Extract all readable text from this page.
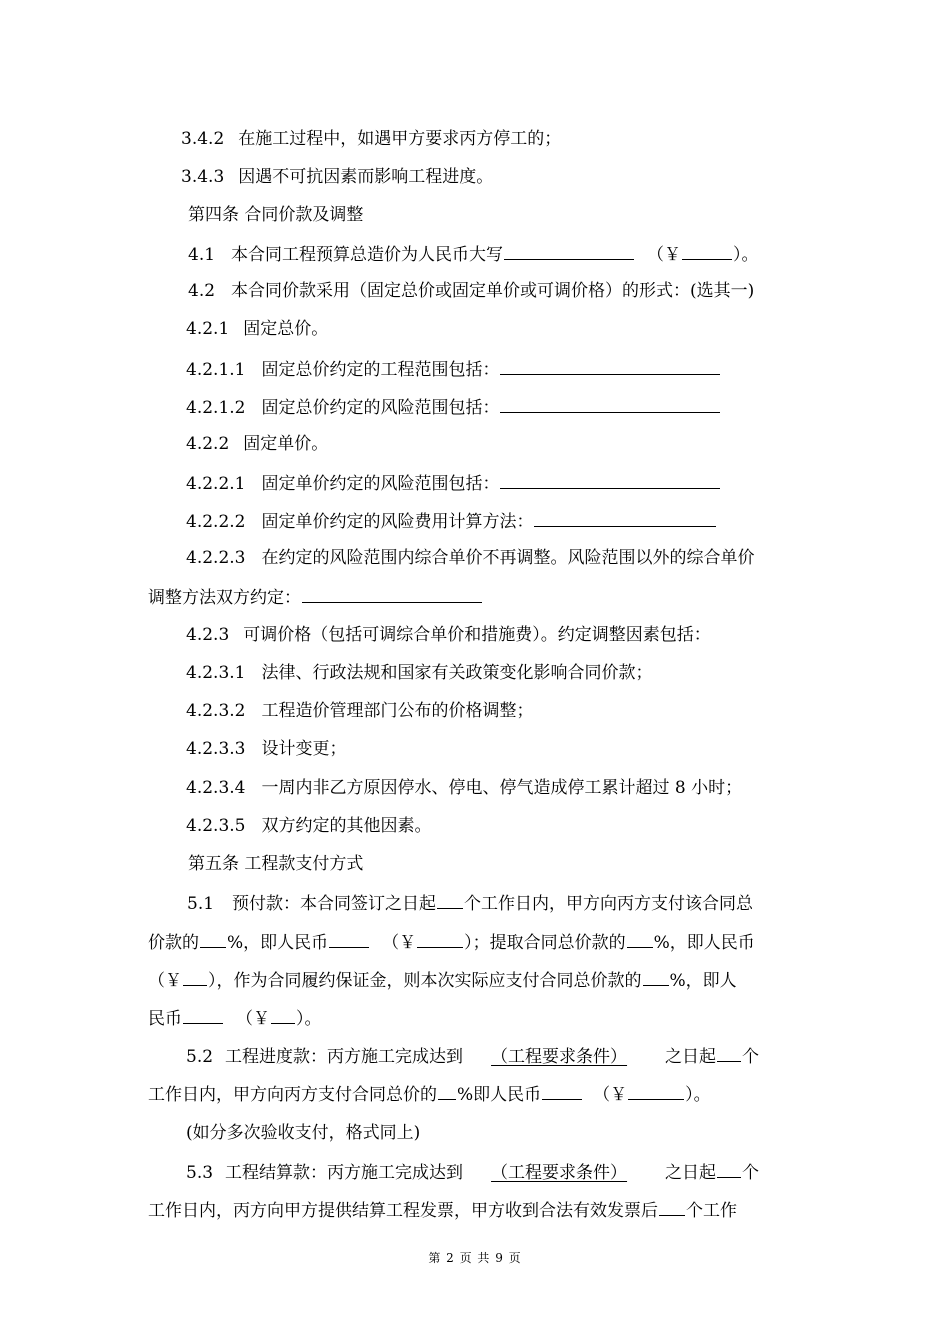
3.4.2 在施工过程中，如遇甲方要求丙方停工的；
3.4.3 因遇不可抗因素而影响工程进度。
第四条 合同价款及调整
4.1 本合同工程预算总造价为人民币大写	（￥	）。
4.2 本合同价款采用（固定总价或固定单价或可调价格）的形式：(选其一)
4.2.1 固定总价。
4.2.1.1 固定总价约定的工程范围包括：
4.2.1.2 固定总价约定的风险范围包括：
4.2.2 固定单价。
4.2.2.1 固定单价约定的风险范围包括：
4.2.2.2 固定单价约定的风险费用计算方法：
4.2.2.3 在约定的风险范围内综合单价不再调整。风险范围以外的综合单价
调整方法双方约定：
4.2.3 可调价格（包括可调综合单价和措施费）。约定调整因素包括：
4.2.3.1 法律、行政法规和国家有关政策变化影响合同价款；
4.2.3.2 工程造价管理部门公布的价格调整；
4.2.3.3 设计变更；
4.2.3.4 一周内非乙方原因停水、停电、停气造成停工累计超过 8 小时；
4.2.3.5 双方约定的其他因素。
第五条 工程款支付方式
5.1 预付款：本合同签订之日起 个工作日内，甲方向丙方支付该合同总
价款的 %，即人民币	（￥	）；提取合同总价款的 %，即人民币
（￥ ），作为合同履约保证金，则本次实际应支付合同总价款的 %，即人
民币	（￥ ）。
5.2 工程进度款：丙方施工完成达到 （工程要求条件） 之日起 个
工作日内，甲方向丙方支付合同总价的 %即人民币	（￥	）。
(如分多次验收支付，格式同上)
5.3 工程结算款：丙方施工完成达到 （工程要求条件） 之日起 个
工作日内，丙方向甲方提供结算工程发票，甲方收到合法有效发票后 个工作
第 2 页 共 9 页
